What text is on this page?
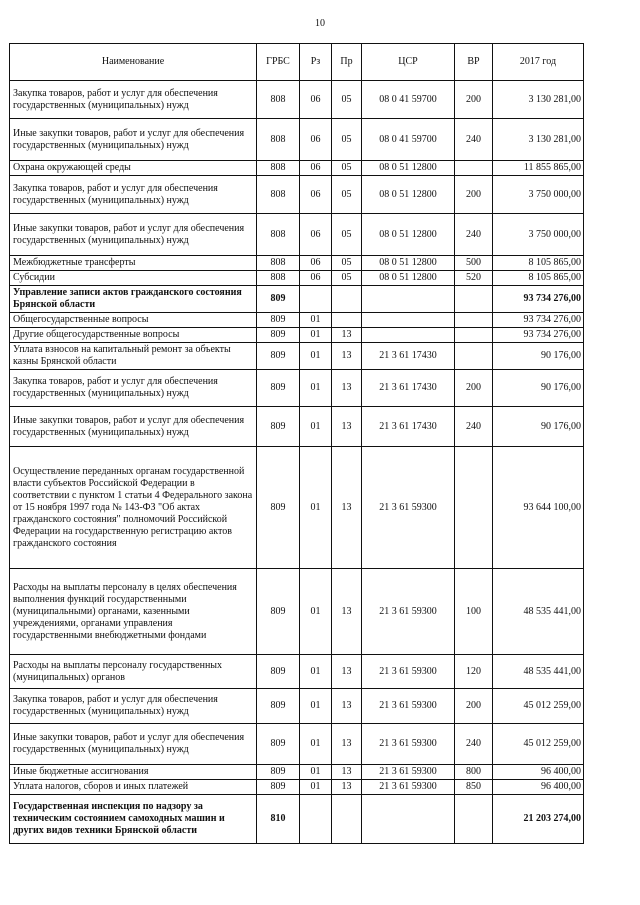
10
Наименование	ГРБС	Рз	Пр	ЦСР	ВР	2017 год
Закупка товаров, работ и услуг для обеспечения государственных (муниципальных) нужд	808	06	05	08 0 41 59700	200	3 130 281,00
Иные закупки товаров, работ и услуг для обеспечения государственных (муниципальных) нужд	808	06	05	08 0 41 59700	240	3 130 281,00
Охрана окружающей среды	808	06	05	08 0 51 12800		11 855 865,00
Закупка товаров, работ и услуг для обеспечения государственных (муниципальных) нужд	808	06	05	08 0 51 12800	200	3 750 000,00
Иные закупки товаров, работ и услуг для обеспечения государственных (муниципальных) нужд	808	06	05	08 0 51 12800	240	3 750 000,00
Межбюджетные трансферты	808	06	05	08 0 51 12800	500	8 105 865,00
Субсидии	808	06	05	08 0 51 12800	520	8 105 865,00
Управление записи актов гражданского состояния Брянской области	809					93 734 276,00
Общегосударственные вопросы	809	01				93 734 276,00
Другие общегосударственные вопросы	809	01	13			93 734 276,00
Уплата взносов на капитальный ремонт за объекты казны Брянской области	809	01	13	21 3 61 17430		90 176,00
Закупка товаров, работ и услуг для обеспечения государственных (муниципальных) нужд	809	01	13	21 3 61 17430	200	90 176,00
Иные закупки товаров, работ и услуг для обеспечения государственных (муниципальных) нужд	809	01	13	21 3 61 17430	240	90 176,00
Осуществление переданных органам государственной власти субъектов Российской Федерации в соответствии с пунктом 1 статьи 4 Федерального закона от 15 ноября 1997 года № 143-ФЗ "Об актах гражданского состояния" полномочий Российской Федерации на государственную регистрацию актов гражданского состояния	809	01	13	21 3 61 59300		93 644 100,00
Расходы на выплаты персоналу в целях обеспечения выполнения функций государственными (муниципальными) органами, казенными учреждениями, органами управления государственными внебюджетными фондами	809	01	13	21 3 61 59300	100	48 535 441,00
Расходы на выплаты персоналу государственных (муниципальных) органов	809	01	13	21 3 61 59300	120	48 535 441,00
Закупка товаров, работ и услуг для обеспечения государственных (муниципальных) нужд	809	01	13	21 3 61 59300	200	45 012 259,00
Иные закупки товаров, работ и услуг для обеспечения государственных (муниципальных) нужд	809	01	13	21 3 61 59300	240	45 012 259,00
Иные бюджетные ассигнования	809	01	13	21 3 61 59300	800	96 400,00
Уплата налогов, сборов и иных платежей	809	01	13	21 3 61 59300	850	96 400,00
Государственная инспекция по надзору за техническим состоянием самоходных машин и других видов техники Брянской области	810					21 203 274,00
